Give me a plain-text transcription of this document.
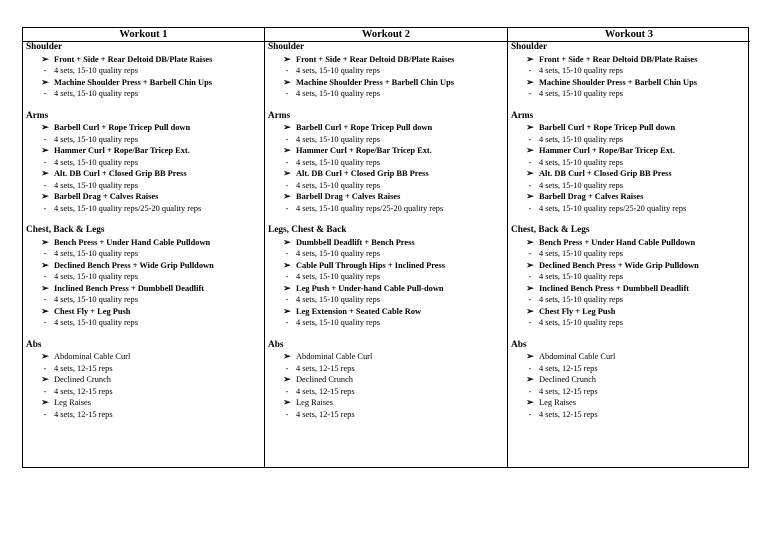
Workout 1
Shoulder
➢ Front + Side + Rear Deltoid DB/Plate Raises
- 4 sets, 15-10 quality reps
➢ Machine Shoulder Press + Barbell Chin Ups
- 4 sets, 15-10 quality reps
Arms
➢ Barbell Curl + Rope Tricep Pull down
- 4 sets, 15-10 quality reps
➢ Hammer Curl + Rope/Bar Tricep Ext.
- 4 sets, 15-10 quality reps
➢ Alt. DB Curl + Closed Grip BB Press
- 4 sets, 15-10 quality reps
➢ Barbell Drag + Calves Raises
- 4 sets, 15-10 quality reps/25-20 quality reps
Chest, Back & Legs
➢ Bench Press + Under Hand Cable Pulldown
- 4 sets, 15-10 quality reps
➢ Declined Bench Press + Wide Grip Pulldown
- 4 sets, 15-10 quality reps
➢ Inclined Bench Press + Dumbbell Deadlift
- 4 sets, 15-10 quality reps
➢ Chest Fly + Leg Push
- 4 sets, 15-10 quality reps
Abs
➢ Abdominal Cable Curl
- 4 sets, 12-15 reps
➢ Declined Crunch
- 4 sets, 12-15 reps
➢ Leg Raises
- 4 sets, 12-15 reps
Workout 2
Shoulder
➢ Front + Side + Rear Deltoid DB/Plate Raises
- 4 sets, 15-10 quality reps
➢ Machine Shoulder Press + Barbell Chin Ups
- 4 sets, 15-10 quality reps
Arms
➢ Barbell Curl + Rope Tricep Pull down
- 4 sets, 15-10 quality reps
➢ Hammer Curl + Rope/Bar Tricep Ext.
- 4 sets, 15-10 quality reps
➢ Alt. DB Curl + Closed Grip BB Press
- 4 sets, 15-10 quality reps
➢ Barbell Drag + Calves Raises
- 4 sets, 15-10 quality reps/25-20 quality reps
Legs, Chest & Back
➢ Dumbbell Deadlift + Bench Press
- 4 sets, 15-10 quality reps
➢ Cable Pull Through Hips + Inclined Press
- 4 sets, 15-10 quality reps
➢ Leg Push + Under-hand Cable Pull-down
- 4 sets, 15-10 quality reps
➢ Leg Extension + Seated Cable Row
- 4 sets, 15-10 quality reps
Abs
➢ Abdominal Cable Curl
- 4 sets, 12-15 reps
➢ Declined Crunch
- 4 sets, 12-15 reps
➢ Leg Raises
- 4 sets, 12-15 reps
Workout 3
Shoulder
➢ Front + Side + Rear Deltoid DB/Plate Raises
- 4 sets, 15-10 quality reps
➢ Machine Shoulder Press + Barbell Chin Ups
- 4 sets, 15-10 quality reps
Arms
➢ Barbell Curl + Rope Tricep Pull down
- 4 sets, 15-10 quality reps
➢ Hammer Curl + Rope/Bar Tricep Ext.
- 4 sets, 15-10 quality reps
➢ Alt. DB Curl + Closed Grip BB Press
- 4 sets, 15-10 quality reps
➢ Barbell Drag + Calves Raises
- 4 sets, 15-10 quality reps/25-20 quality reps
Chest, Back & Legs
➢ Bench Press + Under Hand Cable Pulldown
- 4 sets, 15-10 quality reps
➢ Declined Bench Press + Wide Grip Pulldown
- 4 sets, 15-10 quality reps
➢ Inclined Bench Press + Dumbbell Deadlift
- 4 sets, 15-10 quality reps
➢ Chest Fly + Leg Push
- 4 sets, 15-10 quality reps
Abs
➢ Abdominal Cable Curl
- 4 sets, 12-15 reps
➢ Declined Crunch
- 4 sets, 12-15 reps
➢ Leg Raises
- 4 sets, 12-15 reps
